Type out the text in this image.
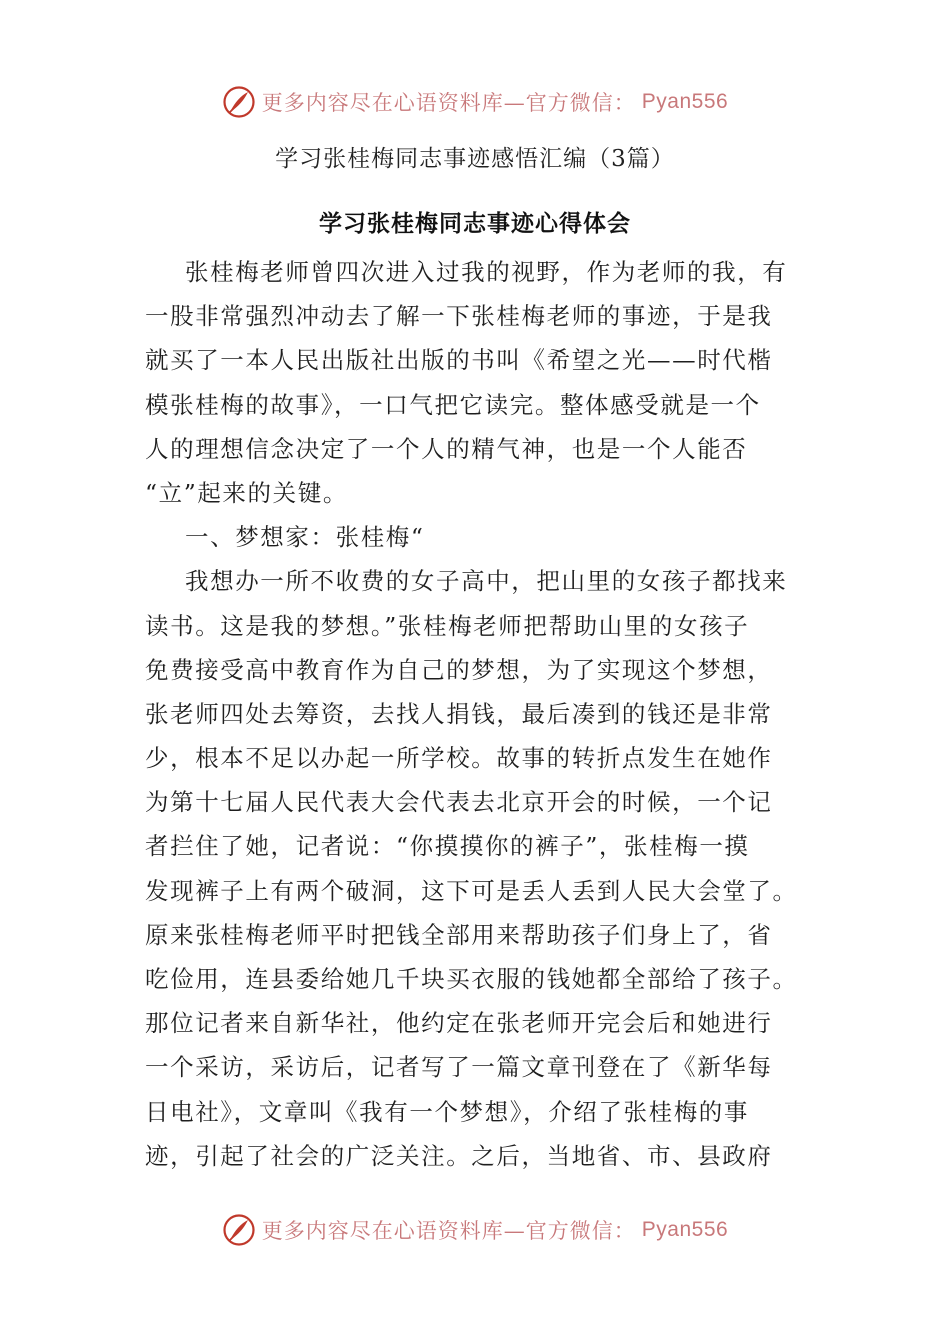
更多内容尽在心语资料库—官方微信： Pyan556
学习张桂梅同志事迹感悟汇编（3篇）
学习张桂梅同志事迹心得体会
张桂梅老师曾四次进入过我的视野，作为老师的我，有
一股非常强烈冲动去了解一下张桂梅老师的事迹，于是我
就买了一本人民出版社出版的书叫《希望之光——时代楷
模张桂梅的故事》，一口气把它读完。整体感受就是一个
人的理想信念决定了一个人的精气神，也是一个人能否
“立”起来的关键。
一、梦想家：张桂梅“
我想办一所不收费的女子高中，把山里的女孩子都找来
读书。这是我的梦想。”张桂梅老师把帮助山里的女孩子
免费接受高中教育作为自己的梦想，为了实现这个梦想，
张老师四处去筹资，去找人捐钱，最后凑到的钱还是非常
少，根本不足以办起一所学校。故事的转折点发生在她作
为第十七届人民代表大会代表去北京开会的时候，一个记
者拦住了她，记者说：“你摸摸你的裤子”，张桂梅一摸
发现裤子上有两个破洞，这下可是丢人丢到人民大会堂了。
原来张桂梅老师平时把钱全部用来帮助孩子们身上了，省
吃俭用，连县委给她几千块买衣服的钱她都全部给了孩子。
那位记者来自新华社，他约定在张老师开完会后和她进行
一个采访，采访后，记者写了一篇文章刊登在了《新华每
日电社》，文章叫《我有一个梦想》，介绍了张桂梅的事
迹，引起了社会的广泛关注。之后，当地省、市、县政府
更多内容尽在心语资料库—官方微信： Pyan556
